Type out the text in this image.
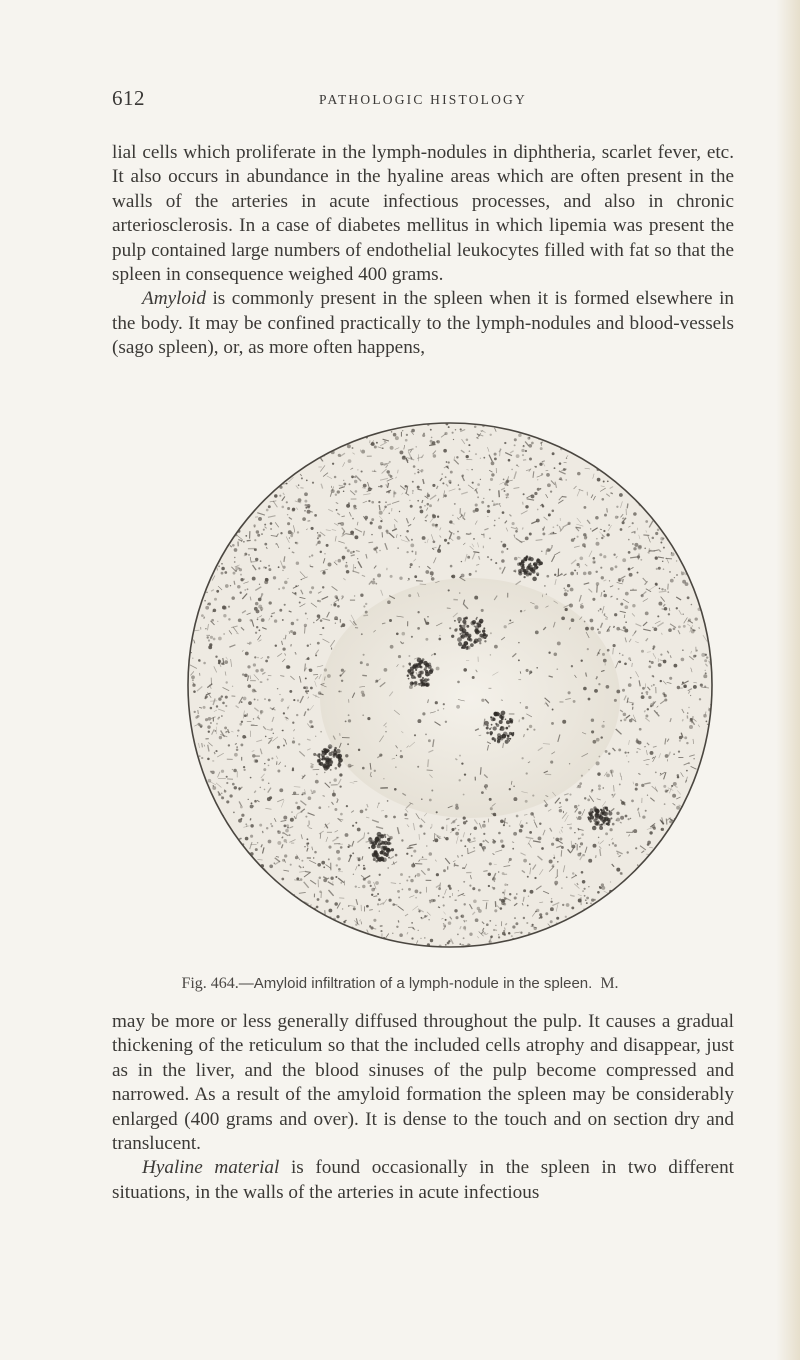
612	PATHOLOGIC HISTOLOGY

lial cells which proliferate in the lymph-nodules in diphtheria, scarlet fever, etc. It also occurs in abundance in the hyaline areas which are often present in the walls of the arteries in acute infectious processes, and also in chronic arteriosclerosis. In a case of diabetes mellitus in which lipemia was present the pulp contained large numbers of endothelial leukocytes filled with fat so that the spleen in consequence weighed 400 grams.

Amyloid is commonly present in the spleen when it is formed elsewhere in the body. It may be confined practically to the lymph-nodules and blood-vessels (sago spleen), or, as more often happens,

Fig. 464.—Amyloid infiltration of a lymph-nodule in the spleen. M.

may be more or less generally diffused throughout the pulp. It causes a gradual thickening of the reticulum so that the included cells atrophy and disappear, just as in the liver, and the blood sinuses of the pulp become compressed and narrowed. As a result of the amyloid formation the spleen may be considerably enlarged (400 grams and over). It is dense to the touch and on section dry and translucent.

Hyaline material is found occasionally in the spleen in two different situations, in the walls of the arteries in acute infectious
